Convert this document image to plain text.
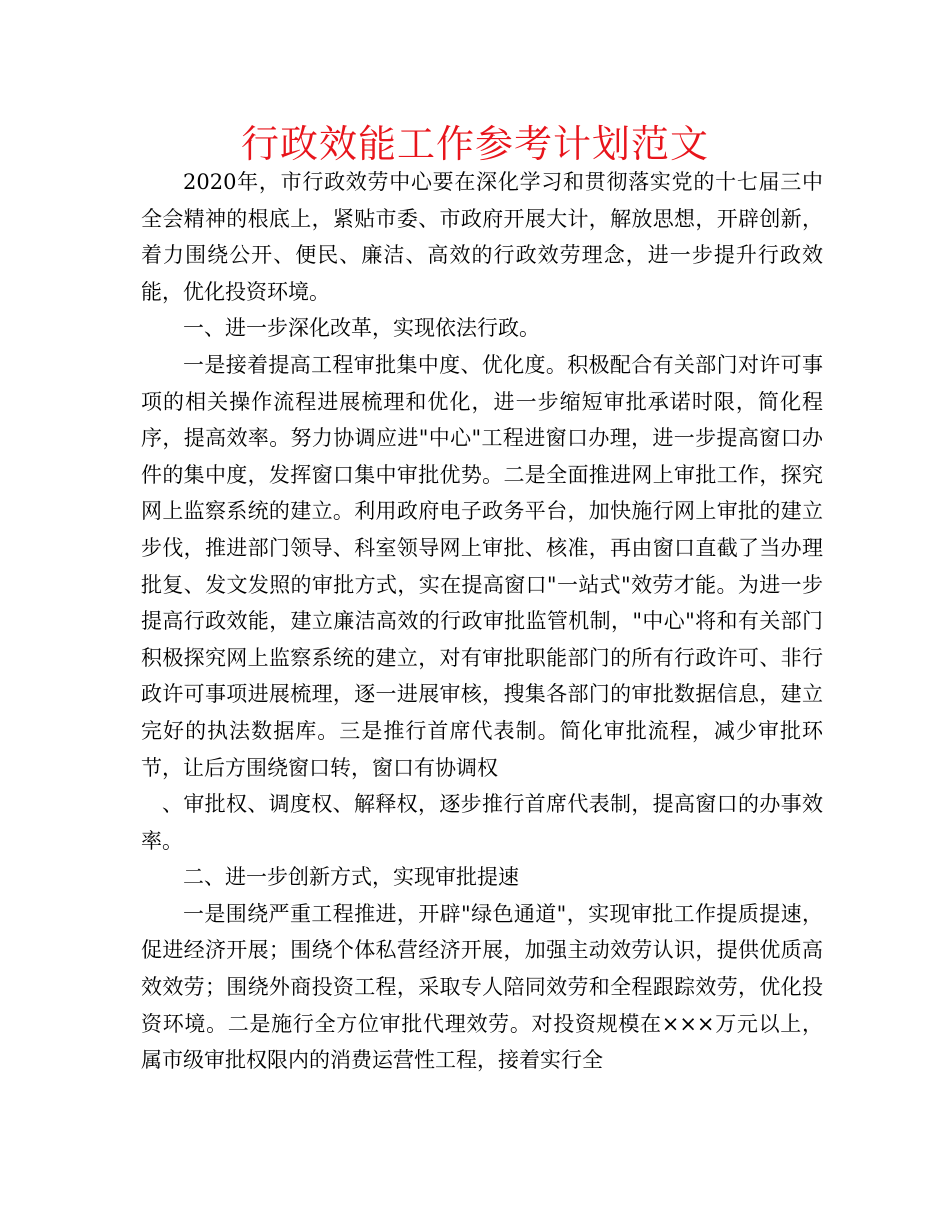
行政效能工作参考计划范文

2020年，市行政效劳中心要在深化学习和贯彻落实党的十七届三中全会精神的根底上，紧贴市委、市政府开展大计，解放思想，开辟创新，着力围绕公开、便民、廉洁、高效的行政效劳理念，进一步提升行政效能，优化投资环境。

一、进一步深化改革，实现依法行政。

一是接着提高工程审批集中度、优化度。积极配合有关部门对许可事项的相关操作流程进展梳理和优化，进一步缩短审批承诺时限，简化程序，提高效率。努力协调应进"中心"工程进窗口办理，进一步提高窗口办件的集中度，发挥窗口集中审批优势。二是全面推进网上审批工作，探究网上监察系统的建立。利用政府电子政务平台，加快施行网上审批的建立步伐，推进部门领导、科室领导网上审批、核准，再由窗口直截了当办理批复、发文发照的审批方式，实在提高窗口"一站式"效劳才能。为进一步提高行政效能，建立廉洁高效的行政审批监管机制，"中心"将和有关部门积极探究网上监察系统的建立，对有审批职能部门的所有行政许可、非行政许可事项进展梳理，逐一进展审核，搜集各部门的审批数据信息，建立完好的执法数据库。三是推行首席代表制。简化审批流程，减少审批环节，让后方围绕窗口转，窗口有协调权

、审批权、调度权、解释权，逐步推行首席代表制，提高窗口的办事效率。

二、进一步创新方式，实现审批提速

一是围绕严重工程推进，开辟"绿色通道"，实现审批工作提质提速，促进经济开展；围绕个体私营经济开展，加强主动效劳认识，提供优质高效效劳；围绕外商投资工程，采取专人陪同效劳和全程跟踪效劳，优化投资环境。二是施行全方位审批代理效劳。对投资规模在×××万元以上，属市级审批权限内的消费运营性工程，接着实行全
